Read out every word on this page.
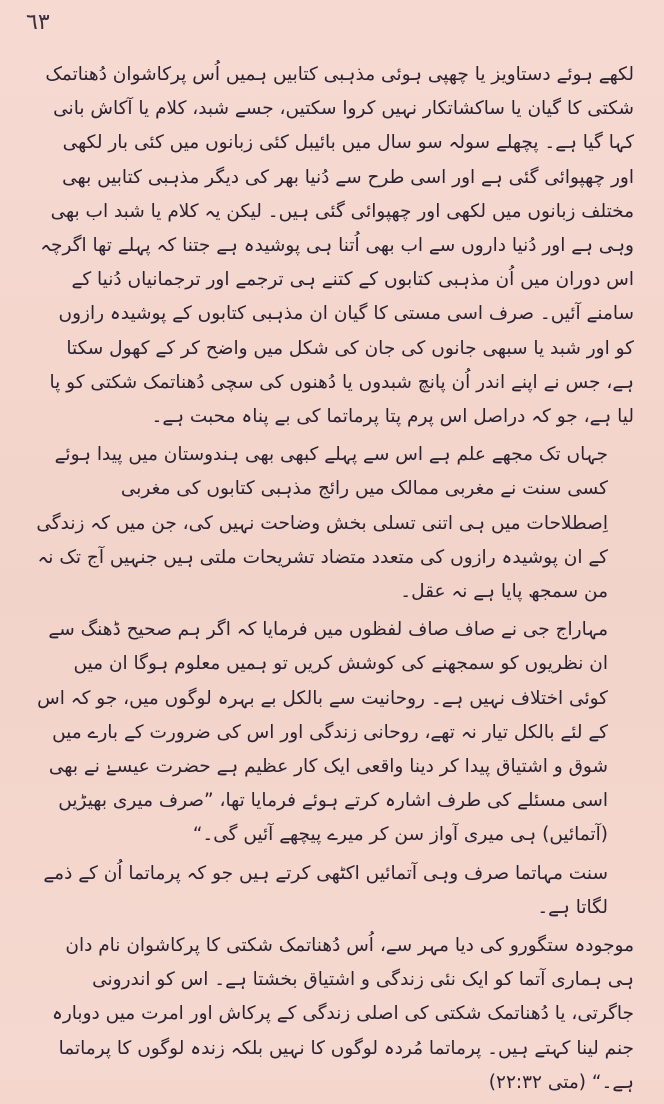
٦٣

لکھے ہوئے دستاویز یا چھپی ہوئی مذہبی کتابیں ہمیں اُس پرکاشوان دُھناتمک شکتی کا گیان یا ساکشاتکار نہیں کروا سکتیں، جسے شبد، کلام یا آکاش بانی کہا گیا ہے۔ پچھلے سولہ سو سال میں بائیبل کئی زبانوں میں کئی بار لکھی اور چھپوائی گئی ہے اور اسی طرح سے دُنیا بھر کی دیگر مذہبی کتابیں بھی مختلف زبانوں میں لکھی اور چھپوائی گئی ہیں۔ لیکن یہ کلام یا شبد اب بھی وہی ہے اور دُنیا داروں سے اب بھی اُتنا ہی پوشیدہ ہے جتنا کہ پہلے تھا اگرچہ اس دوران میں اُن مذہبی کتابوں کے کتنے ہی ترجمے اور ترجمانیاں دُنیا کے سامنے آئیں۔ صرف اسی مستی کا گیان ان مذہبی کتابوں کے پوشیدہ رازوں کو اور شبد یا سبھی جانوں کی جان کی شکل میں واضح کر کے کھول سکتا ہے، جس نے اپنے اندر اُن پانچ شبدوں یا دُھنوں کی سچی دُھناتمک شکتی کو پا لیا ہے، جو کہ دراصل اس پرم پتا پرماتما کی بے پناہ محبت ہے۔

جہاں تک مجھے علم ہے اس سے پہلے کبھی بھی ہندوستان میں پیدا ہوئے کسی سنت نے مغربی ممالک میں رائج مذہبی کتابوں کی مغربی اِصطلاحات میں ہی اتنی تسلی بخش وضاحت نہیں کی، جن میں کہ زندگی کے ان پوشیدہ رازوں کی متعدد متضاد تشریحات ملتی ہیں جنہیں آج تک نہ من سمجھ پایا ہے نہ عقل۔

مہاراج جی نے صاف صاف لفظوں میں فرمایا کہ اگر ہم صحیح ڈھنگ سے ان نظریوں کو سمجھنے کی کوشش کریں تو ہمیں معلوم ہوگا ان میں کوئی اختلاف نہیں ہے۔ روحانیت سے بالکل بے بہرہ لوگوں میں، جو کہ اس کے لئے بالکل تیار نہ تھے، روحانی زندگی اور اس کی ضرورت کے بارے میں شوق و اشتیاق پیدا کر دینا واقعی ایک کار عظیم ہے حضرت عیسےٰ نے بھی اسی مسئلے کی طرف اشارہ کرتے ہوئے فرمایا تھا، ”صرف میری بھیڑیں (آتمائیں) ہی میری آواز سن کر میرے پیچھے آئیں گی۔“

سنت مہاتما صرف وہی آتمائیں اکٹھی کرتے ہیں جو کہ پرماتما اُن کے ذمے لگاتا ہے۔

موجودہ ستگورو کی دیا مہر سے، اُس دُھناتمک شکتی کا پرکاشوان نام دان ہی ہماری آتما کو ایک نئی زندگی و اشتیاق بخشتا ہے۔ اس کو اندرونی جاگرتی، یا دُھناتمک شکتی کی اصلی زندگی کے پرکاش اور امرت میں دوبارہ جنم لینا کہتے ہیں۔ پرماتما مُردہ لوگوں کا نہیں بلکہ زندہ لوگوں کا پرماتما ہے۔“ (متی ۲۲:۳۲)
